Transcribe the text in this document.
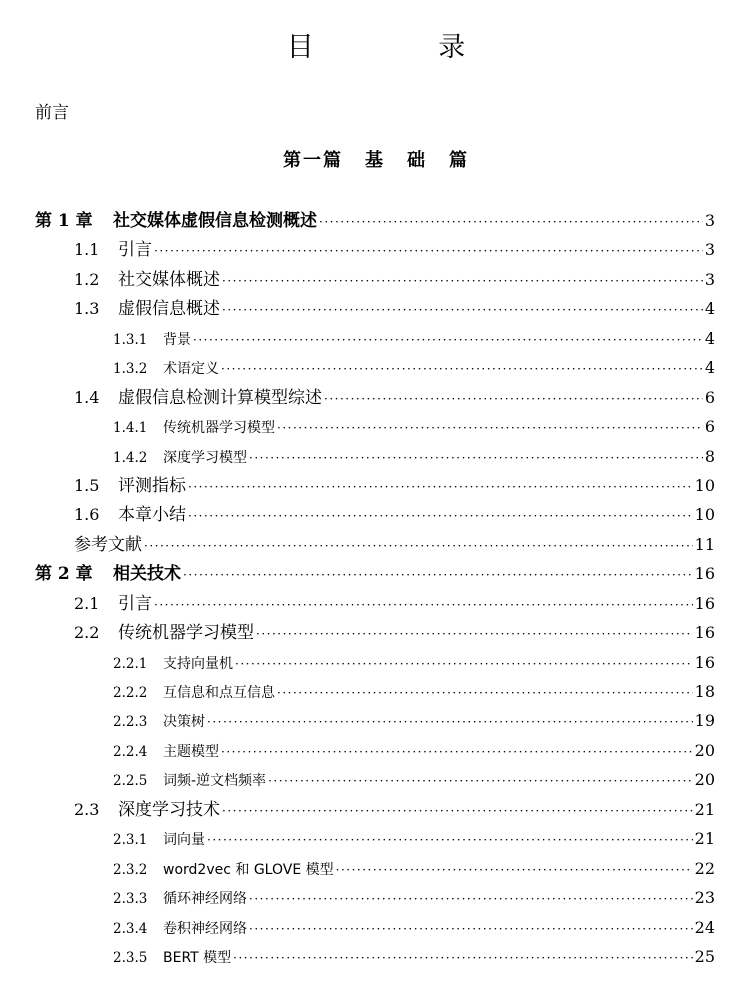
目 录
前言
第一篇 基 础 篇
第 1 章	社交媒体虚假信息检测概述 ·····	3
1.1	引言 ·····	3
1.2	社交媒体概述 ·····	3
1.3	虚假信息概述 ·····	4
1.3.1	背景 ·····	4
1.3.2	术语定义 ·····	4
1.4	虚假信息检测计算模型综述 ·····	6
1.4.1	传统机器学习模型 ·····	6
1.4.2	深度学习模型 ·····	8
1.5	评测指标 ·····	10
1.6	本章小结 ·····	10
参考文献 ·····	11
第 2 章	相关技术 ·····	16
2.1	引言 ·····	16
2.2	传统机器学习模型 ·····	16
2.2.1	支持向量机 ·····	16
2.2.2	互信息和点互信息 ·····	18
2.2.3	决策树 ·····	19
2.2.4	主题模型 ·····	20
2.2.5	词频-逆文档频率 ·····	20
2.3	深度学习技术 ·····	21
2.3.1	词向量 ·····	21
2.3.2	word2vec 和 GLOVE 模型 ·····	22
2.3.3	循环神经网络 ·····	23
2.3.4	卷积神经网络 ·····	24
2.3.5	BERT 模型 ·····	25
